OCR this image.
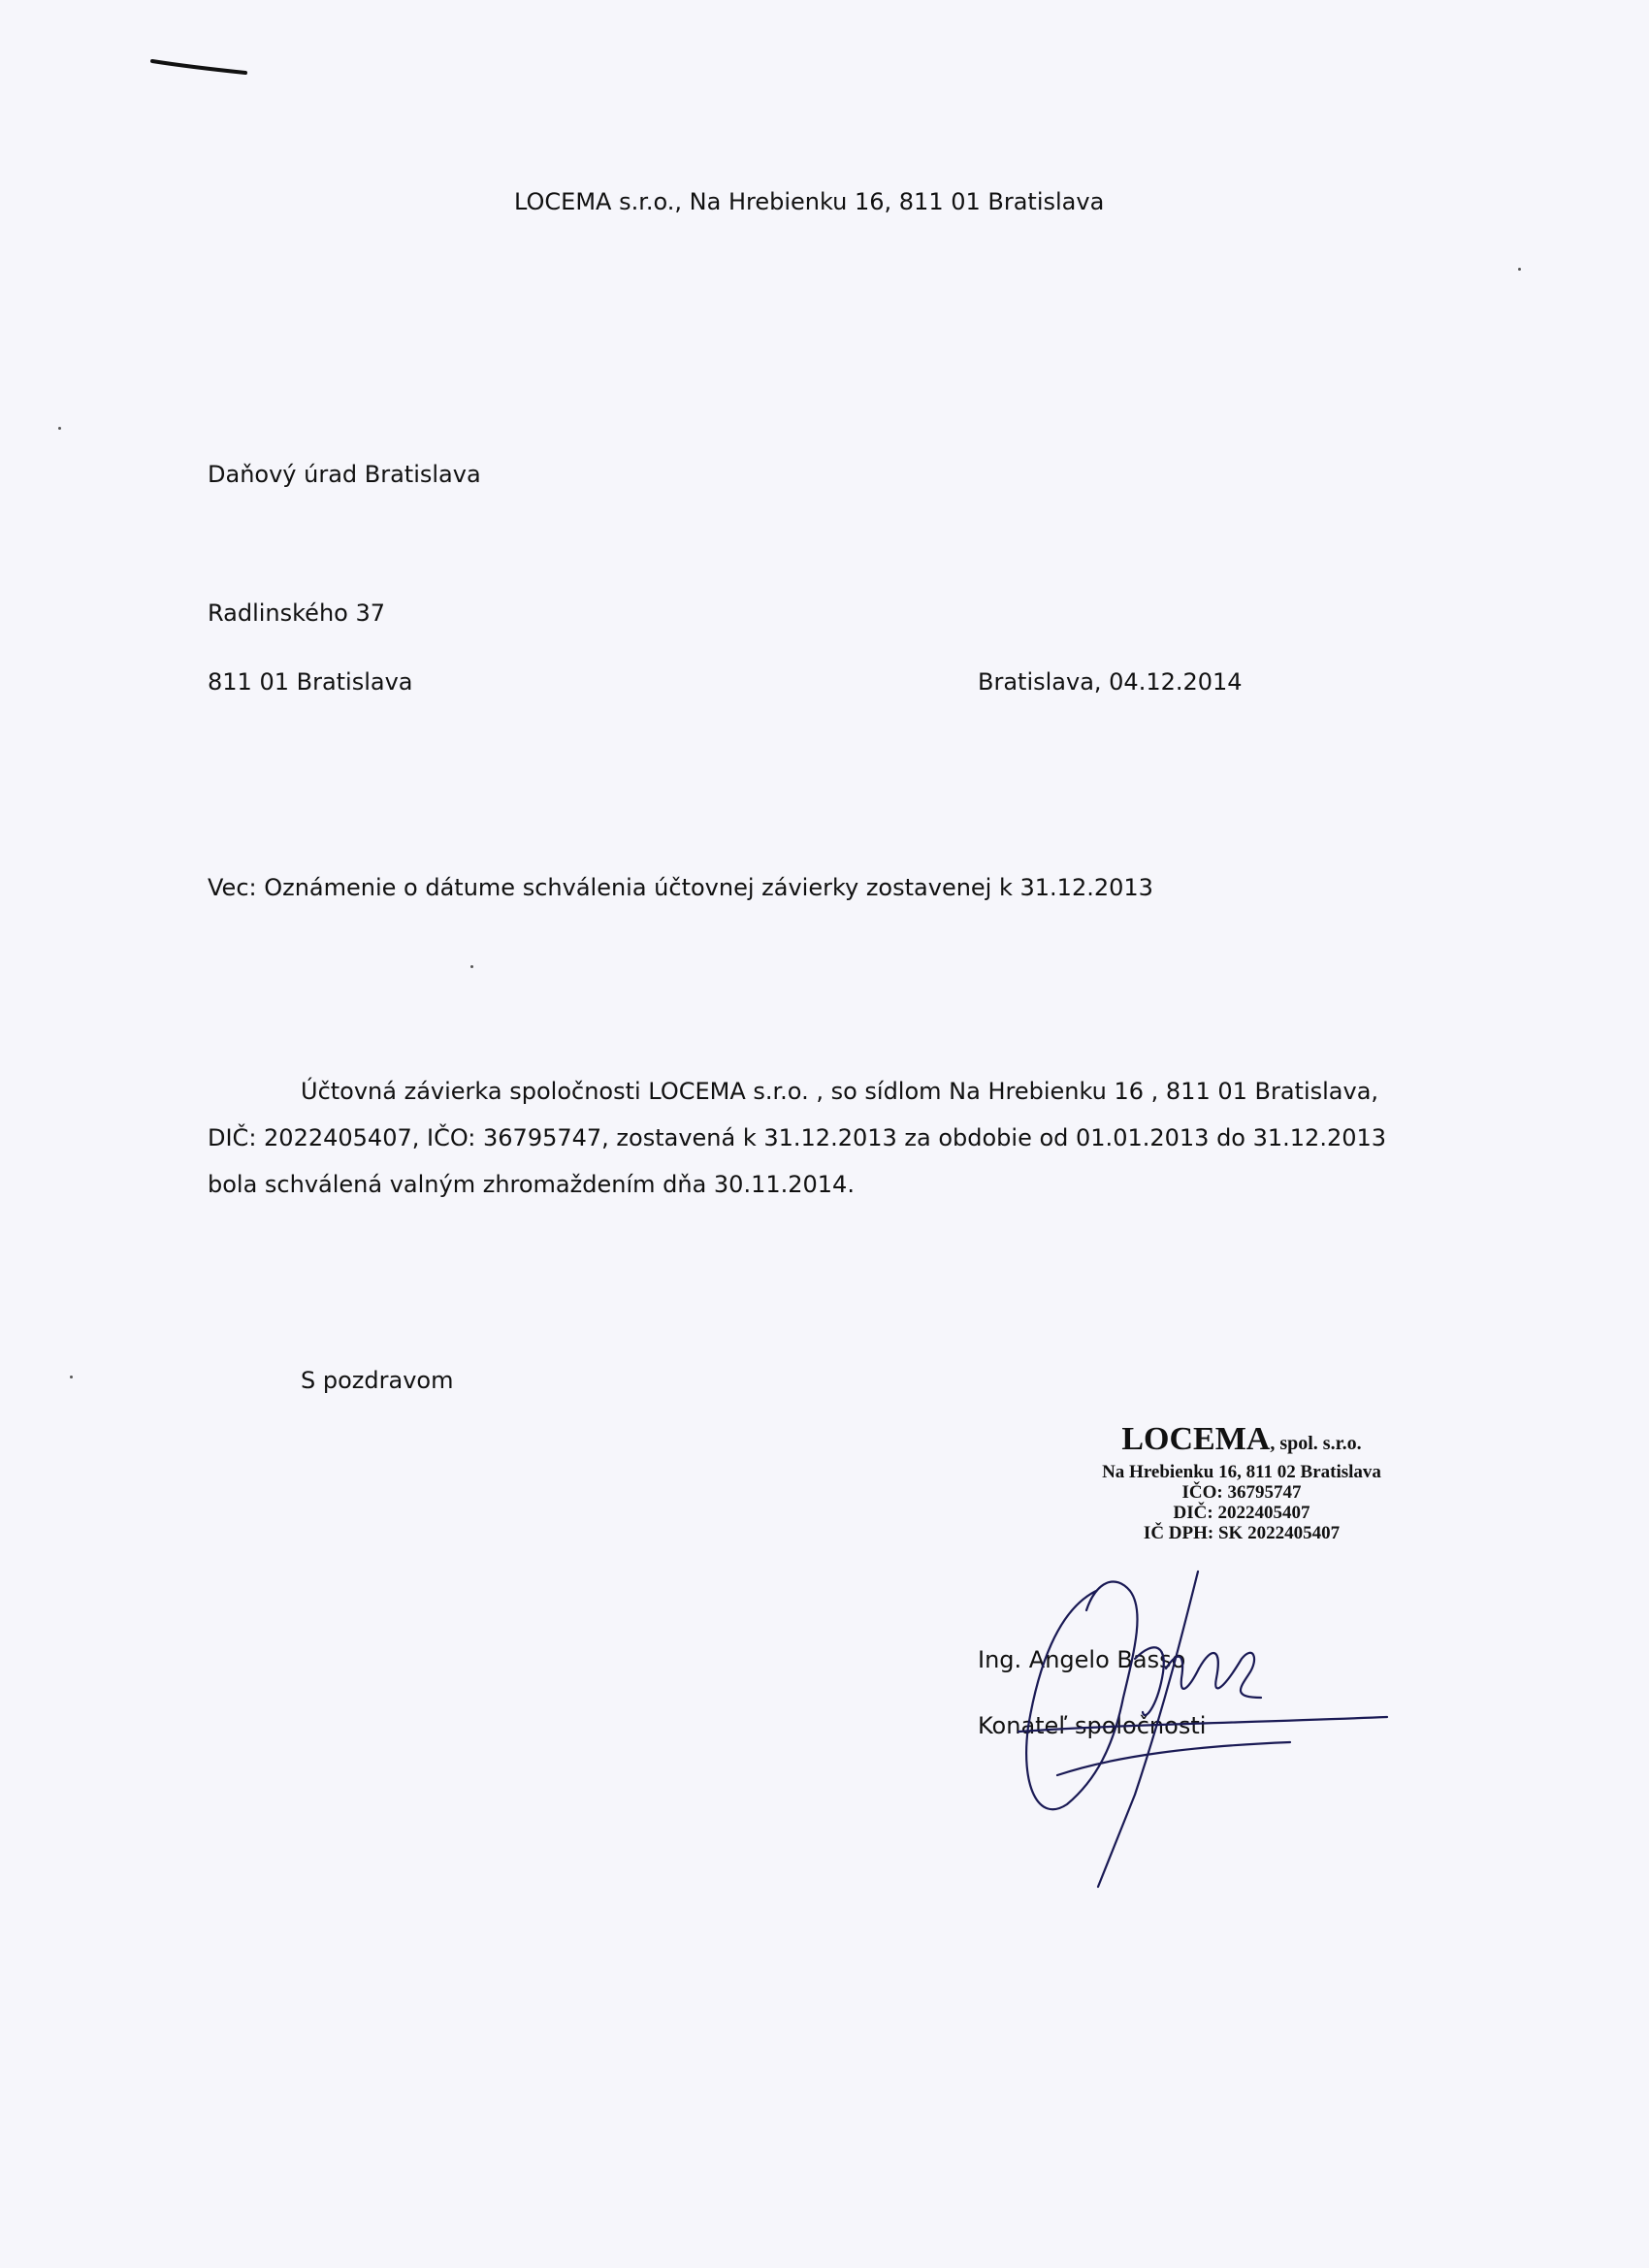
LOCEMA s.r.o., Na Hrebienku 16, 811 01 Bratislava
Daňový úrad Bratislava
Radlinského 37
811 01 Bratislava	Bratislava, 04.12.2014
Vec: Oznámenie o dátume schválenia účtovnej závierky zostavenej k 31.12.2013
Účtovná závierka spoločnosti LOCEMA s.r.o. , so sídlom Na Hrebienku 16 , 811 01 Bratislava,
DIČ: 2022405407, IČO: 36795747, zostavená k 31.12.2013 za obdobie od 01.01.2013 do 31.12.2013
bola schválená valným zhromaždením dňa 30.11.2014.
S pozdravom
LOCEMA, spol. s.r.o.
Na Hrebienku 16, 811 02 Bratislava
IČO: 36795747
DIČ: 2022405407
IČ DPH: SK 2022405407
Ing. Angelo Basso
Konateľ spoločnosti
